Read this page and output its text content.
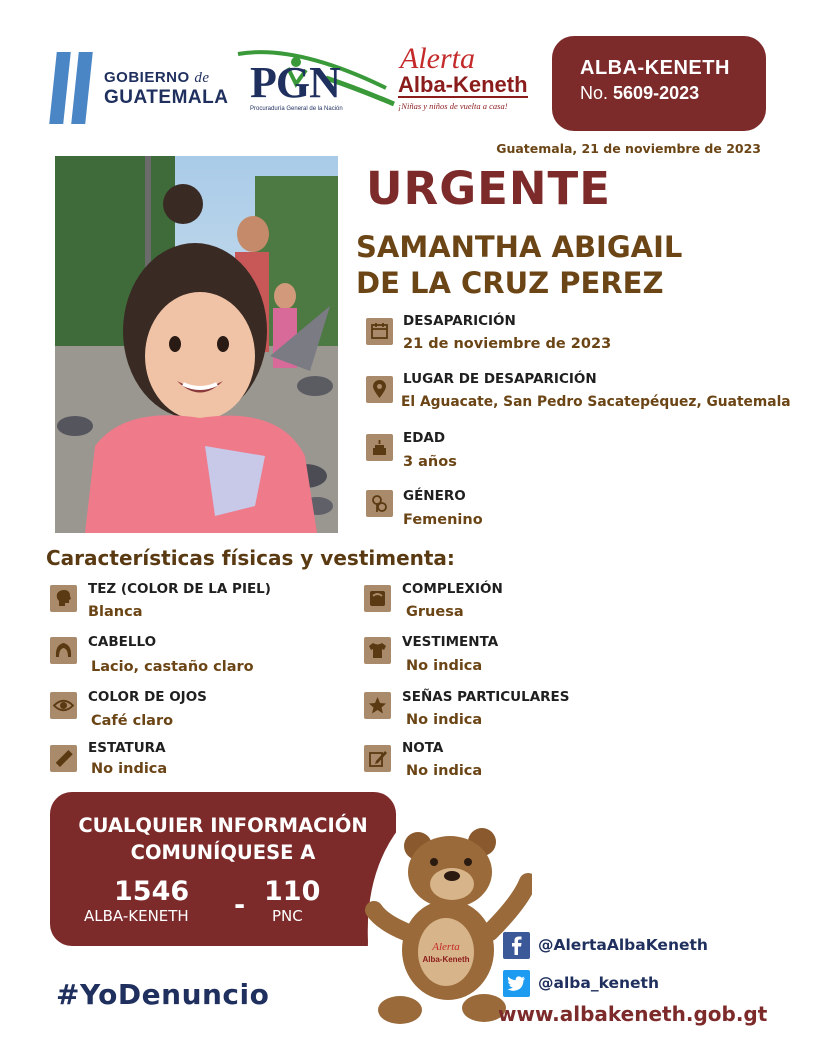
GOBIERNO de
GUATEMALA PGN
Procuraduría General de la Nación
Alerta
Alba-Keneth
¡Niñas y niños de vuelta a casa!
ALBA-KENETH
No. 5609-2023
Guatemala, 21 de noviembre de 2023
URGENTE
SAMANTHA ABIGAIL
DE LA CRUZ PEREZ
DESAPARICIÓN
21 de noviembre de 2023
LUGAR DE DESAPARICIÓN
El Aguacate, San Pedro Sacatepéquez, Guatemala
EDAD
3 años
GÉNERO
Femenino
Características físicas y vestimenta:
TEZ (COLOR DE LA PIEL)
Blanca
CABELLO
Lacio, castaño claro
COLOR DE OJOS
Café claro
ESTATURA
No indica
COMPLEXIÓN
Gruesa
VESTIMENTA
No indica
SEÑAS PARTICULARES
No indica
NOTA
No indica
CUALQUIER INFORMACIÓN
COMUNÍQUESE A
1546
ALBA-KENETH - 110
PNC
Alerta
Alba-Keneth
#YoDenuncio
@AlertaAlbaKeneth
@alba_keneth
www.albakeneth.gob.gt
